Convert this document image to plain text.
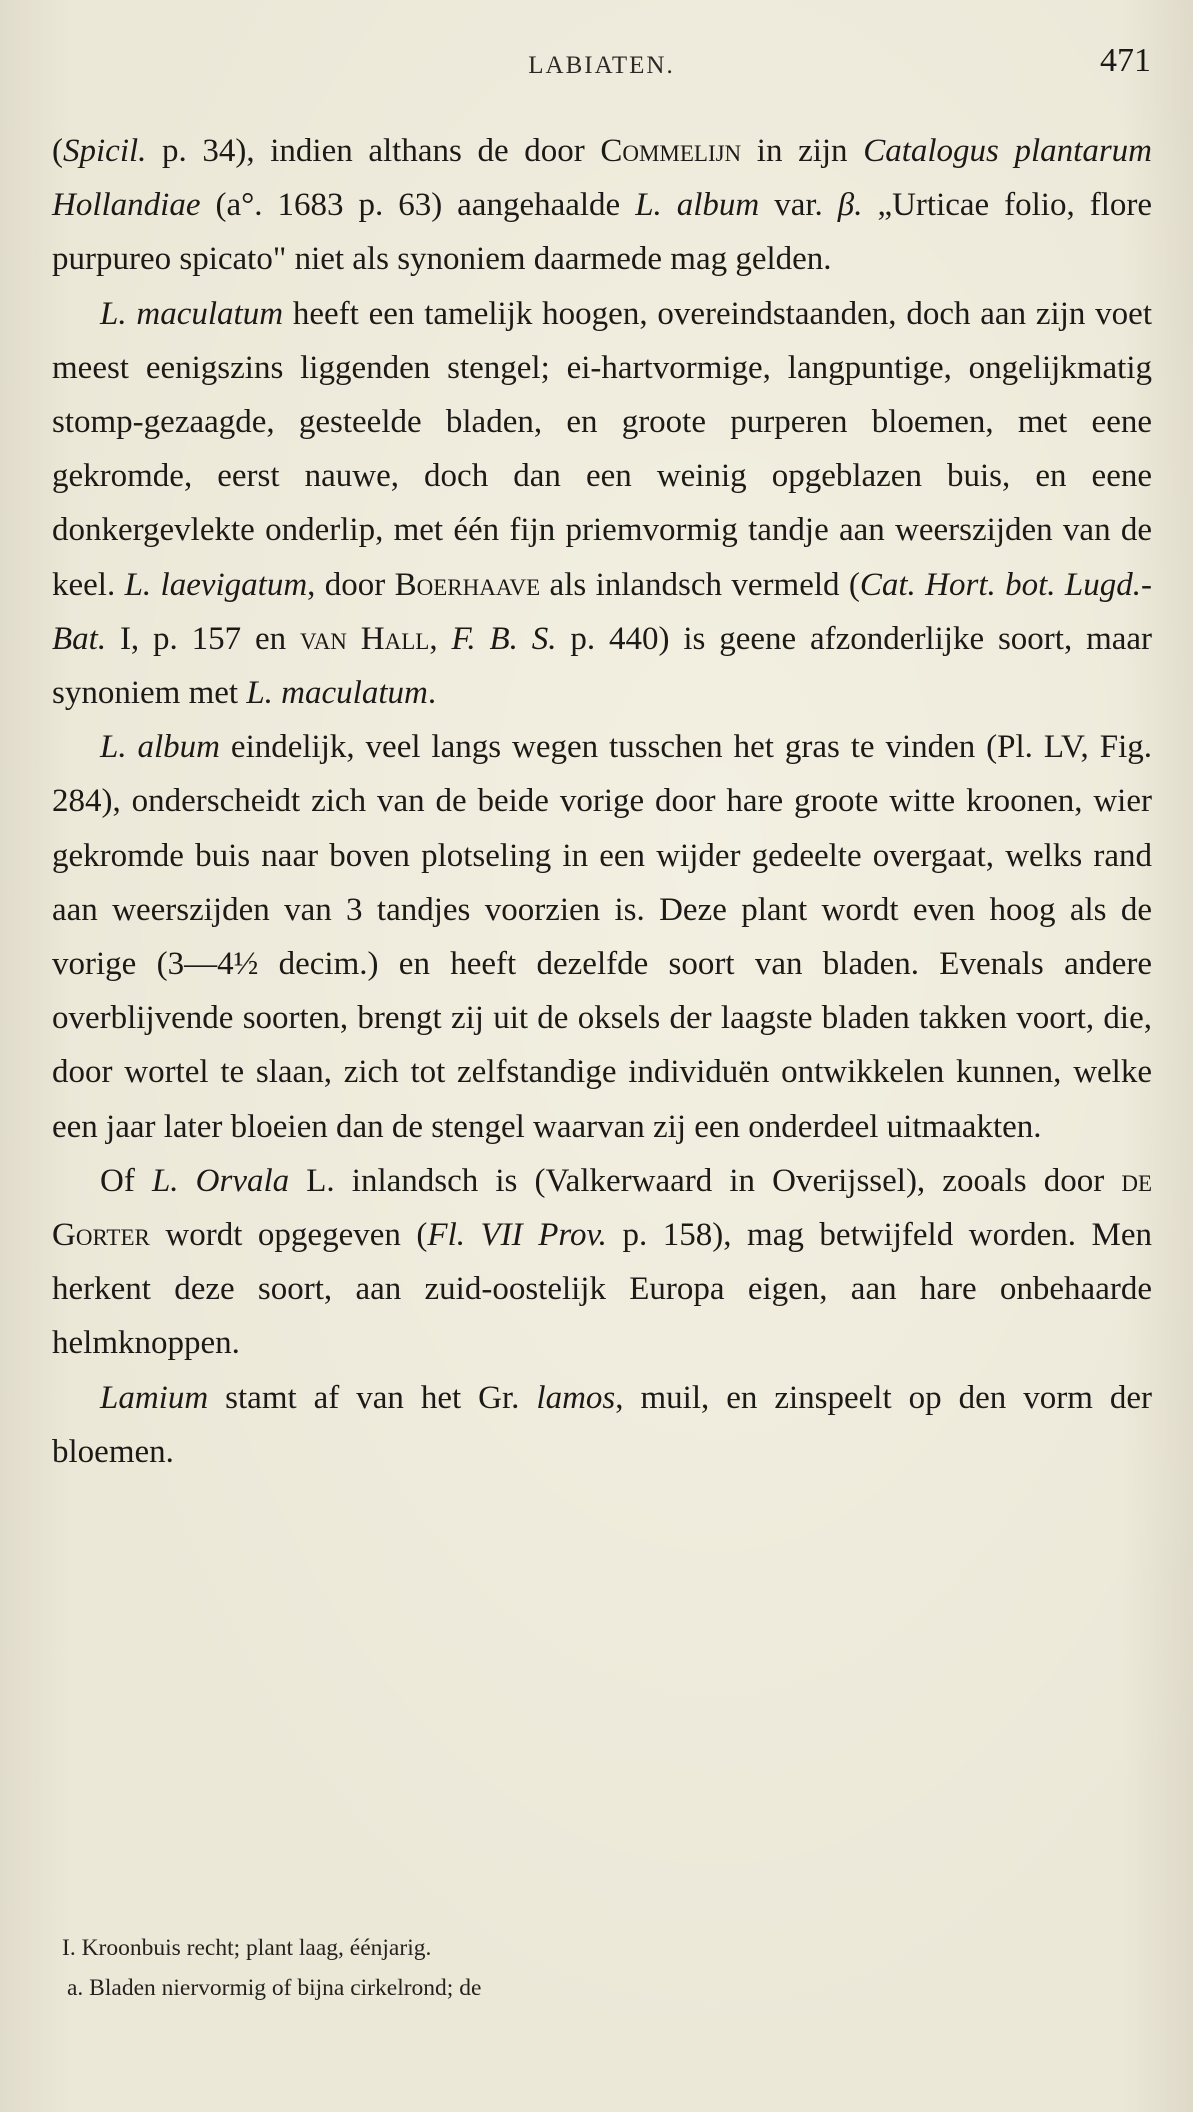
LABIATEN.	471

(Spicil. p. 34), indien althans de door Commelijn in zijn Catalogus plantarum Hollandiae (a°. 1683 p. 63) aangehaalde L. album var. β. „Urticae folio, flore purpureo spicato" niet als synoniem daarmede mag gelden.

L. maculatum heeft een tamelijk hoogen, overeindstaanden, doch aan zijn voet meest eenigszins liggenden stengel; ei-hartvormige, langpuntige, ongelijkmatig stomp-gezaagde, gesteelde bladen, en groote purperen bloemen, met eene gekromde, eerst nauwe, doch dan een weinig opgeblazen buis, en eene donkergevlekte onderlip, met één fijn priemvormig tandje aan weerszijden van de keel. L. laevigatum, door Boerhaave als inlandsch vermeld (Cat. Hort. bot. Lugd.-Bat. I, p. 157 en van Hall, F. B. S. p. 440) is geene afzonderlijke soort, maar synoniem met L. maculatum.

L. album eindelijk, veel langs wegen tusschen het gras te vinden (Pl. LV, Fig. 284), onderscheidt zich van de beide vorige door hare groote witte kroonen, wier gekromde buis naar boven plotseling in een wijder gedeelte overgaat, welks rand aan weerszijden van 3 tandjes voorzien is. Deze plant wordt even hoog als de vorige (3—4½ decim.) en heeft dezelfde soort van bladen. Evenals andere overblijvende soorten, brengt zij uit de oksels der laagste bladen takken voort, die, door wortel te slaan, zich tot zelfstandige individuën ontwikkelen kunnen, welke een jaar later bloeien dan de stengel waarvan zij een onderdeel uitmaakten.

Of L. Orvala L. inlandsch is (Valkerwaard in Overijssel), zooals door de Gorter wordt opgegeven (Fl. VII Prov. p. 158), mag betwijfeld worden. Men herkent deze soort, aan zuid-oostelijk Europa eigen, aan hare onbehaarde helmknoppen.

Lamium stamt af van het Gr. lamos, muil, en zinspeelt op den vorm der bloemen.

I. Kroonbuis recht; plant laag, éénjarig.

a. Bladen niervormig of bijna cirkelrond; de
